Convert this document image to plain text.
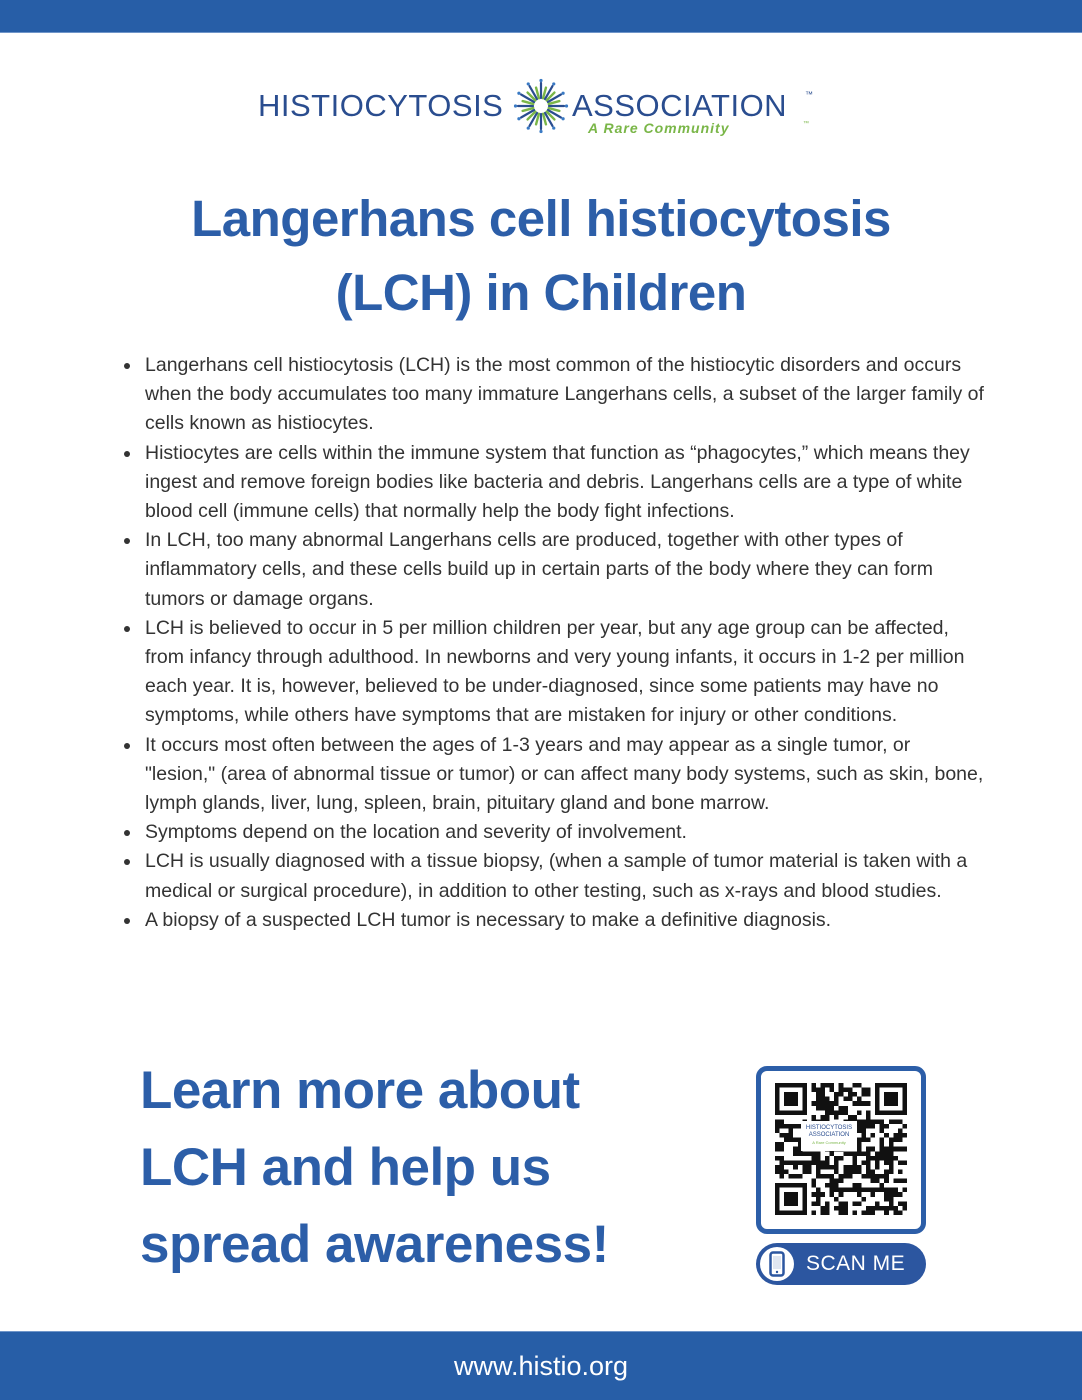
HISTIOCYTOSIS ASSOCIATION ™
A Rare Community	™
Langerhans cell histiocytosis
(LCH) in Children
Langerhans cell histiocytosis (LCH) is the most common of the histiocytic disorders and occurs when the body accumulates too many immature Langerhans cells, a subset of the larger family of cells known as histiocytes.
Histiocytes are cells within the immune system that function as “phagocytes,” which means they ingest and remove foreign bodies like bacteria and debris. Langerhans cells are a type of white blood cell (immune cells) that normally help the body fight infections.
In LCH, too many abnormal Langerhans cells are produced, together with other types of inflammatory cells, and these cells build up in certain parts of the body where they can form tumors or damage organs.
LCH is believed to occur in 5 per million children per year, but any age group can be affected, from infancy through adulthood. In newborns and very young infants, it occurs in 1-2 per million each year. It is, however, believed to be under-diagnosed, since some patients may have no symptoms, while others have symptoms that are mistaken for injury or other conditions.
It occurs most often between the ages of 1-3 years and may appear as a single tumor, or "lesion," (area of abnormal tissue or tumor) or can affect many body systems, such as skin, bone, lymph glands, liver, lung, spleen, brain, pituitary gland and bone marrow.
Symptoms depend on the location and severity of involvement.
LCH is usually diagnosed with a tissue biopsy, (when a sample of tumor material is taken with a medical or surgical procedure), in addition to other testing, such as x-rays and blood studies.
A biopsy of a suspected LCH tumor is necessary to make a definitive diagnosis.
Learn more about
LCH and help us
spread awareness!
HISTIOCYTOSIS
ASSOCIATION
A Rare Community
SCAN ME
www.histio.org
